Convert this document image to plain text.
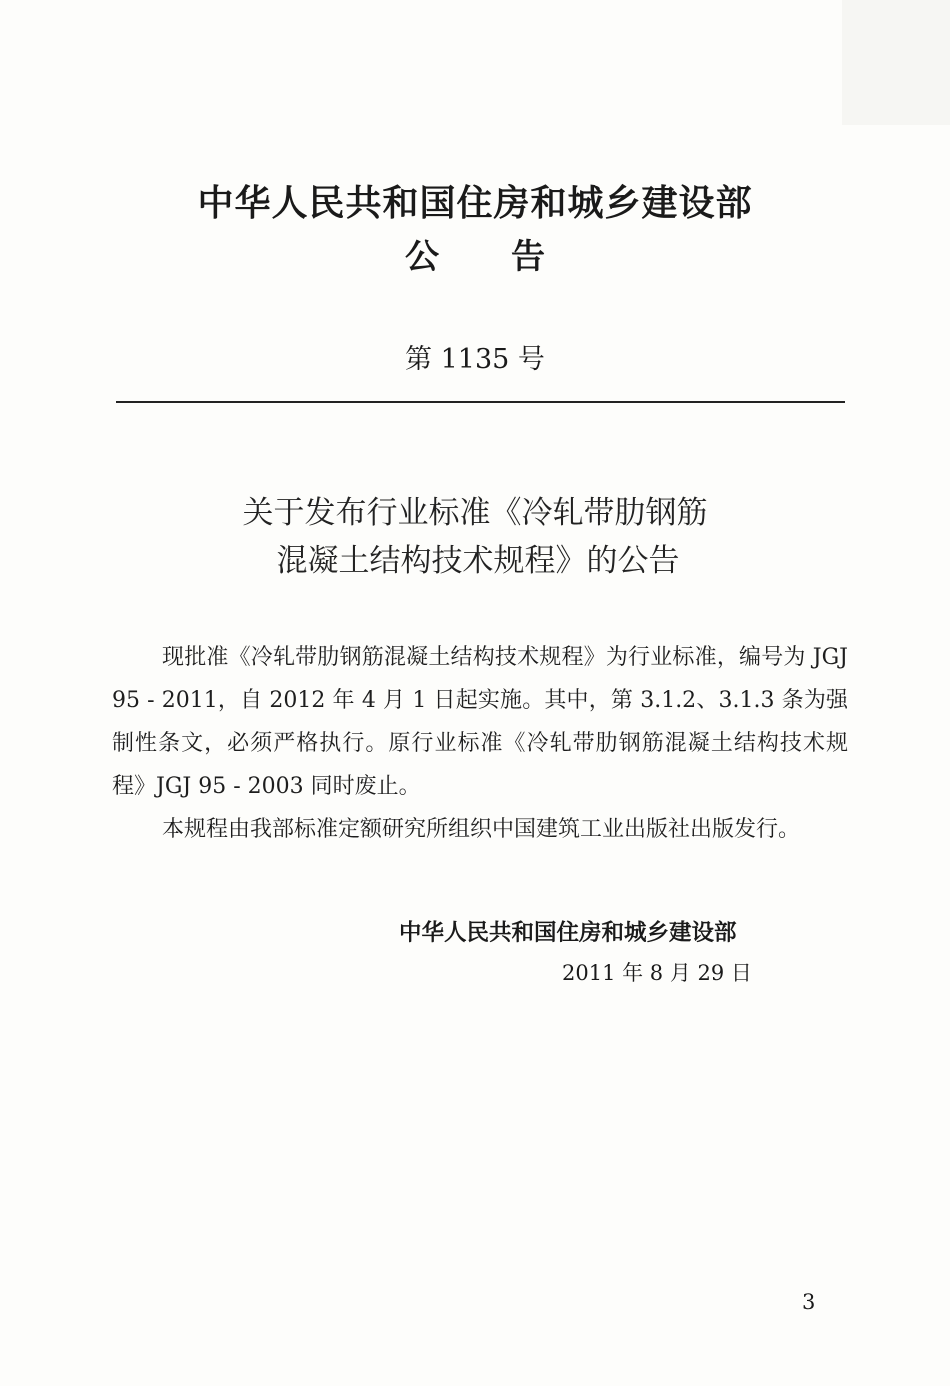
中华人民共和国住房和城乡建设部
公 告
第 1135 号
关于发布行业标准《冷轧带肋钢筋
混凝土结构技术规程》的公告

现批准《冷轧带肋钢筋混凝土结构技术规程》为行业标准，编号为 JGJ 95 - 2011，自 2012 年 4 月 1 日起实施。其中，第 3.1.2、3.1.3 条为强制性条文，必须严格执行。原行业标准《冷轧带肋钢筋混凝土结构技术规程》JGJ 95 - 2003 同时废止。

本规程由我部标准定额研究所组织中国建筑工业出版社出版发行。

中华人民共和国住房和城乡建设部
2011 年 8 月 29 日
3
